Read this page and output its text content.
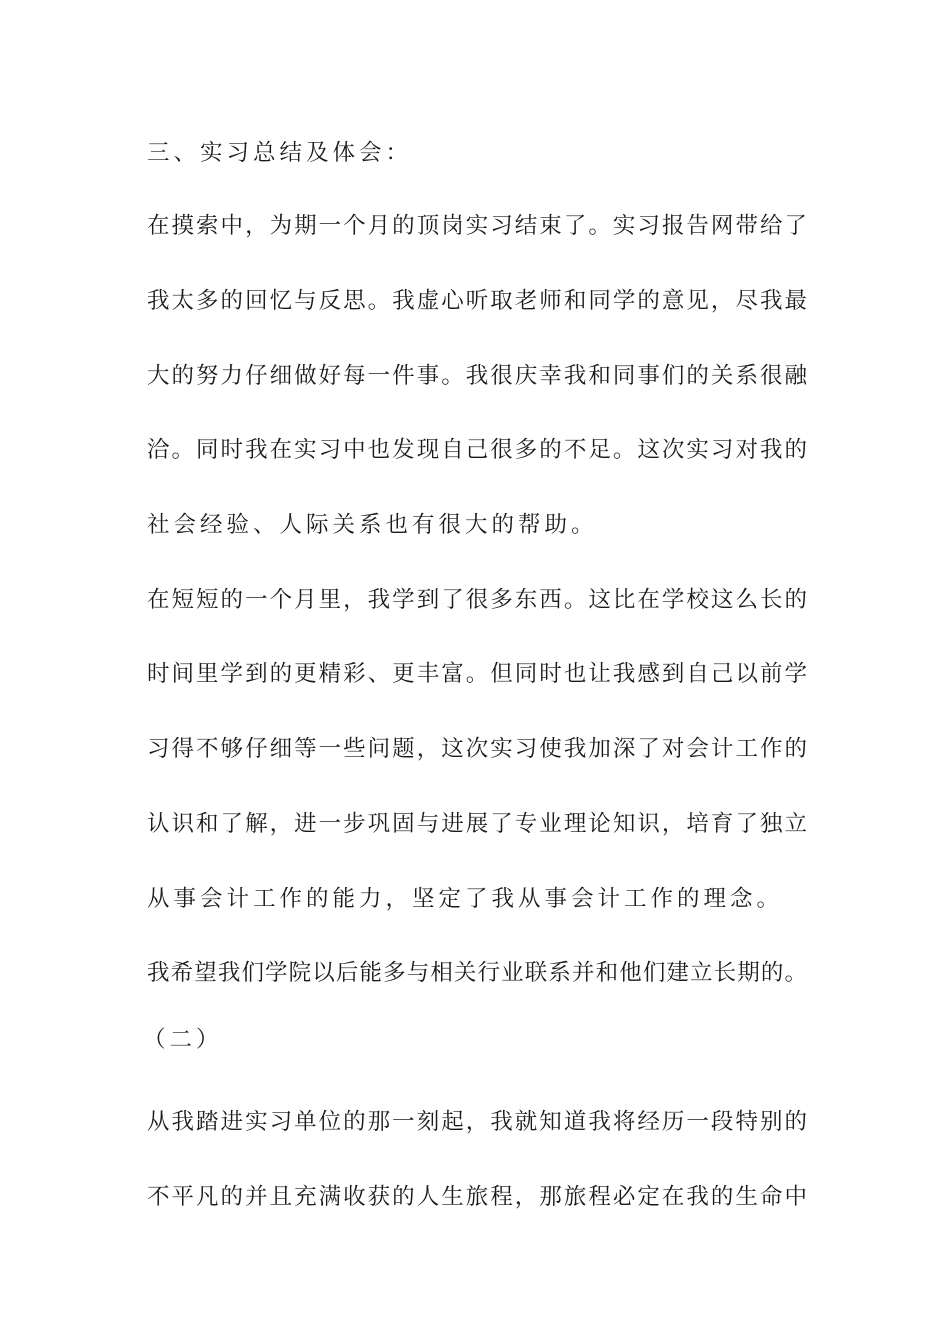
三、实习总结及体会：
在摸索中，为期一个月的顶岗实习结束了。实习报告网带给了
我太多的回忆与反思。我虚心听取老师和同学的意见，尽我最
大的努力仔细做好每一件事。我很庆幸我和同事们的关系很融
洽。同时我在实习中也发现自己很多的不足。这次实习对我的
社会经验、人际关系也有很大的帮助。
在短短的一个月里，我学到了很多东西。这比在学校这么长的
时间里学到的更精彩、更丰富。但同时也让我感到自己以前学
习得不够仔细等一些问题，这次实习使我加深了对会计工作的
认识和了解，进一步巩固与进展了专业理论知识，培育了独立
从事会计工作的能力，坚定了我从事会计工作的理念。
我希望我们学院以后能多与相关行业联系并和他们建立长期的。
（二）
从我踏进实习单位的那一刻起，我就知道我将经历一段特别的
不平凡的并且充满收获的人生旅程，那旅程必定在我的生命中
